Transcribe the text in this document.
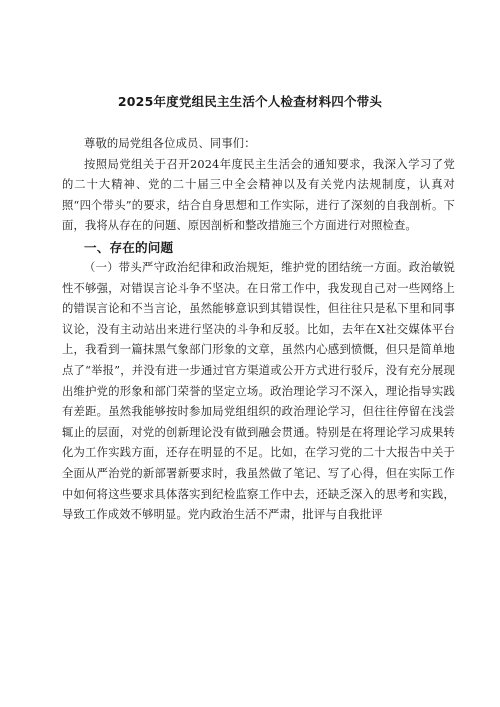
2025年度党组民主生活个人检查材料四个带头

尊敬的局党组各位成员、同事们：

按照局党组关于召开2024年度民主生活会的通知要求，我深入学习了党的二十大精神、党的二十届三中全会精神以及有关党内法规制度，认真对照“四个带头”的要求，结合自身思想和工作实际，进行了深刻的自我剖析。下面，我将从存在的问题、原因剖析和整改措施三个方面进行对照检查。

一、存在的问题

（一）带头严守政治纪律和政治规矩，维护党的团结统一方面。政治敏锐性不够强，对错误言论斗争不坚决。在日常工作中，我发现自己对一些网络上的错误言论和不当言论，虽然能够意识到其错误性，但往往只是私下里和同事议论，没有主动站出来进行坚决的斗争和反驳。比如，去年在X社交媒体平台上，我看到一篇抹黑气象部门形象的文章，虽然内心感到愤慨，但只是简单地点了“举报”，并没有进一步通过官方渠道或公开方式进行驳斥，没有充分展现出维护党的形象和部门荣誉的坚定立场。政治理论学习不深入，理论指导实践有差距。虽然我能够按时参加局党组组织的政治理论学习，但往往停留在浅尝辄止的层面，对党的创新理论没有做到融会贯通。特别是在将理论学习成果转化为工作实践方面，还存在明显的不足。比如，在学习党的二十大报告中关于全面从严治党的新部署新要求时，我虽然做了笔记、写了心得，但在实际工作中如何将这些要求具体落实到纪检监察工作中去，还缺乏深入的思考和实践，导致工作成效不够明显。党内政治生活不严肃，批评与自我批评
